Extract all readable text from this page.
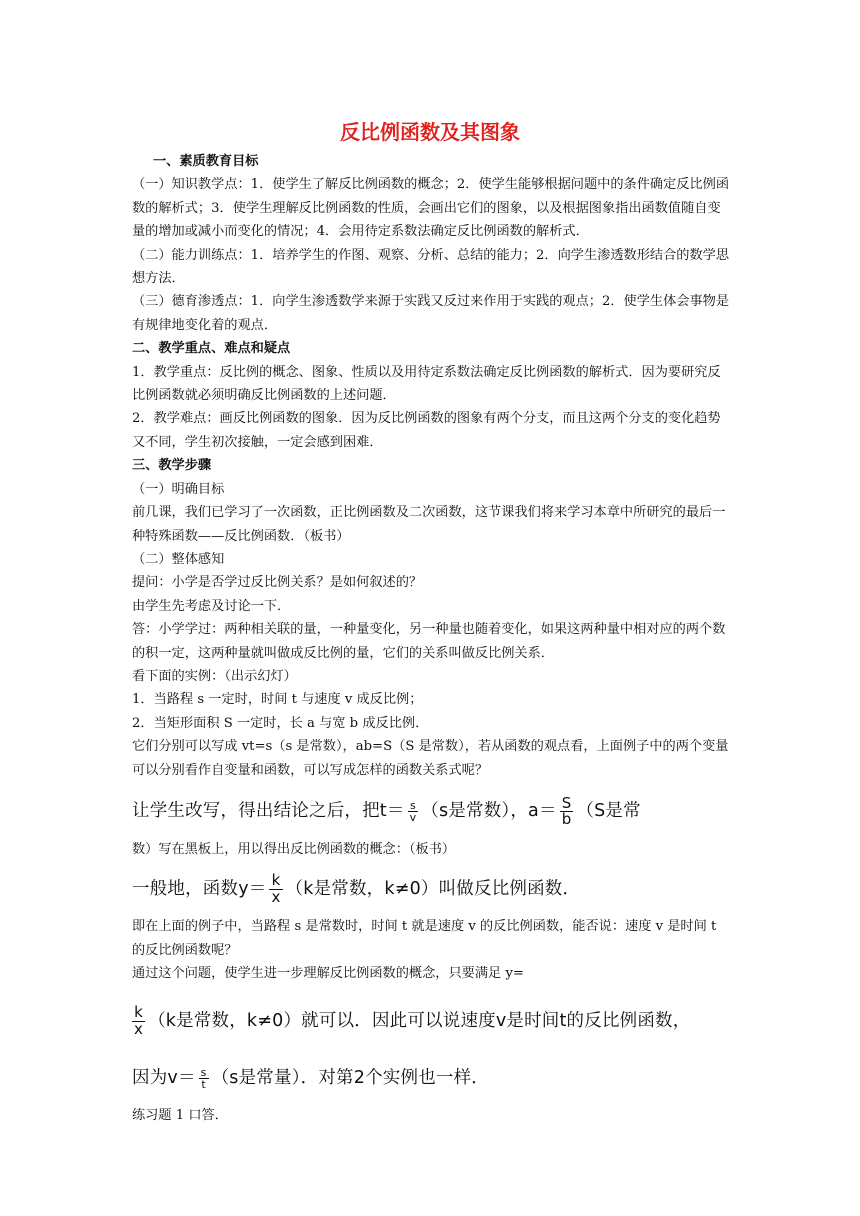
反比例函数及其图象

一、素质教育目标

（一）知识教学点：1．使学生了解反比例函数的概念；2．使学生能够根据问题中的条件确定反比例函数的解析式；3．使学生理解反比例函数的性质，会画出它们的图象，以及根据图象指出函数值随自变量的增加或减小而变化的情况；4．会用待定系数法确定反比例函数的解析式．

（二）能力训练点：1．培养学生的作图、观察、分析、总结的能力；2．向学生渗透数形结合的数学思想方法．

（三）德育渗透点：1．向学生渗透数学来源于实践又反过来作用于实践的观点；2．使学生体会事物是有规律地变化着的观点．

二、教学重点、难点和疑点

1．教学重点：反比例的概念、图象、性质以及用待定系数法确定反比例函数的解析式．因为要研究反比例函数就必须明确反比例函数的上述问题．

2．教学难点：画反比例函数的图象．因为反比例函数的图象有两个分支，而且这两个分支的变化趋势又不同，学生初次接触，一定会感到困难．

三、教学步骤

（一）明确目标

前几课，我们已学习了一次函数，正比例函数及二次函数，这节课我们将来学习本章中所研究的最后一种特殊函数——反比例函数．（板书）

（二）整体感知

提问：小学是否学过反比例关系？是如何叙述的？

由学生先考虑及讨论一下．

答：小学学过：两种相关联的量，一种量变化，另一种量也随着变化，如果这两种量中相对应的两个数的积一定，这两种量就叫做成反比例的量，它们的关系叫做反比例关系．

看下面的实例：（出示幻灯）

1．当路程 s 一定时，时间 t 与速度 v 成反比例；

2．当矩形面积 S 一定时，长 a 与宽 b 成反比例．

它们分别可以写成 vt=s（s 是常数），ab=S（S 是常数），若从函数的观点看，上面例子中的两个变量可以分别看作自变量和函数，可以写成怎样的函数关系式呢？

让学生改写，得出结论之后，把$t= \frac{s}{v} (s$是常数），$a= \frac{S}{b} (S$是常

数）写在黑板上，用以得出反比例函数的概念：（板书）

一般地，函数$y= \frac{k}{x} (k$是常数，k≠0）叫做反比例函数．

即在上面的例子中，当路程 s 是常数时，时间 t 就是速度 v 的反比例函数，能否说：速度 v 是时间 t 的反比例函数呢？

通过这个问题，使学生进一步理解反比例函数的概念，只要满足 y=

$\frac{k}{x} (k$是常数，k≠0）就可以．因此可以说速度v是时间t的反比例函数，
因为$v= \frac{s}{t} (s$是常量）．对第2个实例也一样．

练习题 1 口答．
